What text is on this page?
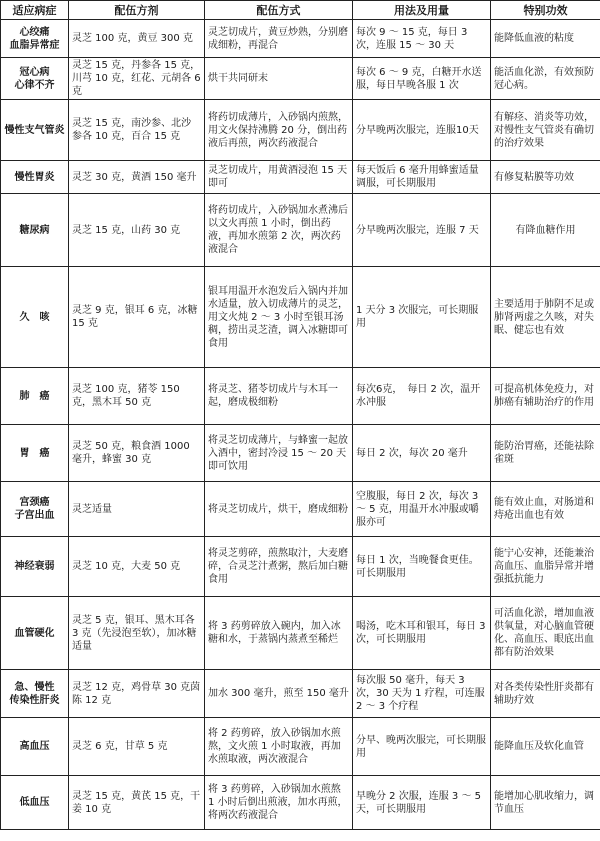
适应病症	配伍方剂	配伍方式	用法及用量	特别功效
心绞痛
血脂异常症	灵芝 100 克，黄豆 300 克	灵芝切成片，黄豆炒熟，分别磨成细粉，再混合	每次 9 ～ 15 克，每日 3 次，连服 15 ～ 30 天	能降低血液的粘度
冠心病
心律不齐	灵芝 15 克，丹参各 15 克，川芎 10 克，红花、元胡各 6 克	烘干共同研末	每次 6 ～ 9 克，白糖开水送服，每日早晚各服 1 次	能活血化淤，有效预防冠心病。
慢性支气管炎	灵芝 15 克，南沙参、北沙参各 10 克，百合 15 克	将药切成薄片，入砂锅内煎熬，用文火保持沸腾 20 分，倒出药液后再煎，两次药液混合	分早晚两次服完，连服10天	有解痉、消炎等功效，对慢性支气管炎有确切的治疗效果
慢性胃炎	灵芝 30 克，黄酒 150 毫升	灵芝切成片，用黄酒浸泡 15 天即可	每天饭后 6 毫升用蜂蜜适量调服，可长期服用	有修复粘膜等功效
糖尿病	灵芝 15 克，山药 30 克	将药切成片，入砂锅加水煮沸后以文火再煎 1 小时，倒出药液，再加水煎第 2 次，两次药液混合	分早晚两次服完，连服 7 天	有降血糖作用
久　咳	灵芝 9 克，银耳 6 克，冰糖 15 克	银耳用温开水泡发后入锅内并加水适量，放入切成薄片的灵芝，用文火炖 2 ～ 3 小时至银耳汤稠，捞出灵芝渣，调入冰糖即可食用	1 天分 3 次服完，可长期服用	主要适用于肺阴不足或肺肾两虚之久咳，对失眠、健忘也有效
肺　癌	灵芝 100 克，猪苓 150 克，黑木耳 50 克	将灵芝、猪苓切成片与木耳一起，磨成极细粉	每次6克，　每日 2 次，温开水冲服	可提高机体免疫力，对肺癌有辅助治疗的作用
胃　癌	灵芝 50 克，粮食酒 1000 毫升，蜂蜜 30 克	将灵芝切成薄片，与蜂蜜一起放入酒中，密封冷浸 15 ～ 20 天即可饮用	每日 2 次，每次 20 毫升	能防治胃癌，还能祛除雀斑
宫颈癌
子宫出血	灵芝适量	将灵芝切成片，烘干，磨成细粉	空腹服，每日 2 次，每次 3 ～ 5 克，用温开水冲服或嚼服亦可	能有效止血，对肠道和痔疮出血也有效
神经衰弱	灵芝 10 克，大麦 50 克	将灵芝剪碎，煎熬取汁，大麦磨碎，合灵芝汁煮粥，熬后加白糖食用	每日 1 次，当晚餐食更佳。可长期服用	能宁心安神，还能兼治高血压、血脂异常并增强抵抗能力
血管硬化	灵芝 5 克，银耳、黑木耳各 3 克（先浸泡至软），加冰糖适量	将 3 药剪碎放入碗内，加入冰糖和水，于蒸锅内蒸煮至稀烂	喝汤，吃木耳和银耳，每日 3 次，可长期服用	可活血化淤，增加血液供氧量，对心脑血管硬化、高血压、眼底出血都有防治效果
急、慢性
传染性肝炎	灵芝 12 克，鸡骨草 30 克茵陈 12 克	加水 300 毫升，煎至 150 毫升	每次服 50 毫升，每天 3 次，30 天为 1 疗程，可连服 2 ～ 3 个疗程	对各类传染性肝炎都有辅助疗效
高血压	灵芝 6 克，甘草 5 克	将 2 药剪碎，放入砂锅加水煎熬，文火煎 1 小时取液，再加水煎取液，两次液混合	分早、晚两次服完，可长期服用	能降血压及软化血管
低血压	灵芝 15 克，黄芪 15 克，干姜 10 克	将 3 药剪碎，入砂锅加水煎熬 1 小时后倒出煎液，加水再煎，将两次药液混合	早晚分 2 次服，连服 3 ～ 5 天，可长期服用	能增加心肌收缩力，调节血压
